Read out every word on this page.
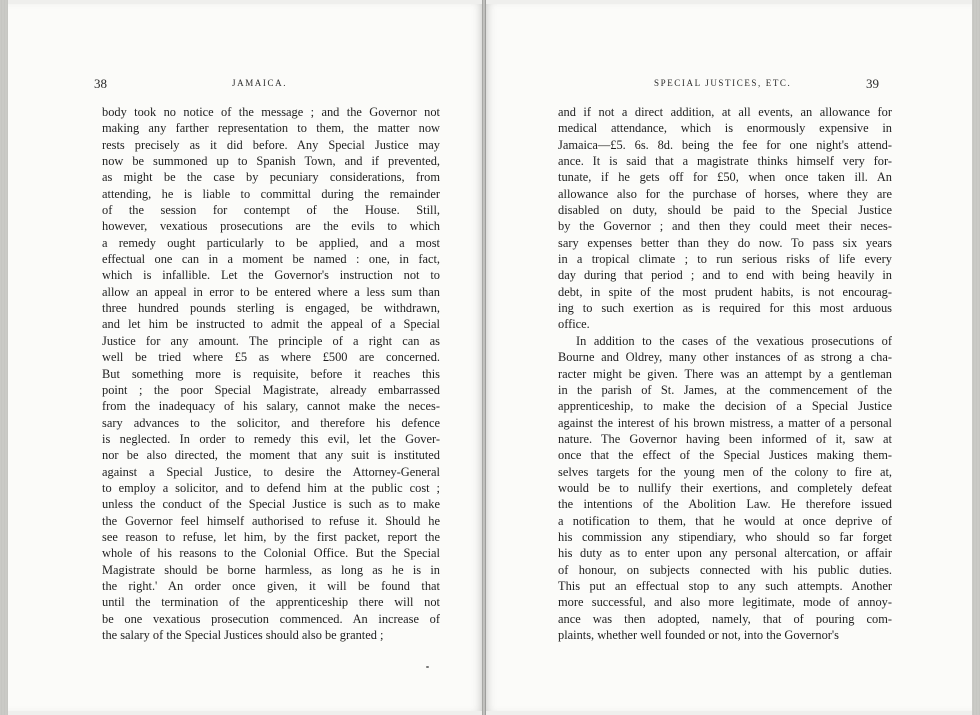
38	JAMAICA.
body took no notice of the message ; and the Governor not
making any farther representation to them, the matter now
rests precisely as it did before. Any Special Justice may
now be summoned up to Spanish Town, and if prevented,
as might be the case by pecuniary considerations, from
attending, he is liable to committal during the remainder
of the session for contempt of the House. Still,
however, vexatious prosecutions are the evils to which
a remedy ought particularly to be applied, and a most
effectual one can in a moment be named : one, in fact,
which is infallible. Let the Governor's instruction not to
allow an appeal in error to be entered where a less sum than
three hundred pounds sterling is engaged, be withdrawn,
and let him be instructed to admit the appeal of a Special
Justice for any amount. The principle of a right can as
well be tried where £5 as where £500 are concerned.
But something more is requisite, before it reaches this
point ; the poor Special Magistrate, already embarrassed
from the inadequacy of his salary, cannot make the neces-
sary advances to the solicitor, and therefore his defence
is neglected. In order to remedy this evil, let the Gover-
nor be also directed, the moment that any suit is instituted
against a Special Justice, to desire the Attorney-General
to employ a solicitor, and to defend him at the public cost ;
unless the conduct of the Special Justice is such as to make
the Governor feel himself authorised to refuse it. Should he
see reason to refuse, let him, by the first packet, report the
whole of his reasons to the Colonial Office. But the Special
Magistrate should be borne harmless, as long as he is in
the right.' An order once given, it will be found that
until the termination of the apprenticeship there will not
be one vexatious prosecution commenced. An increase of
the salary of the Special Justices should also be granted ;
SPECIAL JUSTICES, ETC.	39
and if not a direct addition, at all events, an allowance for
medical attendance, which is enormously expensive in
Jamaica—£5. 6s. 8d. being the fee for one night's attend-
ance. It is said that a magistrate thinks himself very for-
tunate, if he gets off for £50, when once taken ill. An
allowance also for the purchase of horses, where they are
disabled on duty, should be paid to the Special Justice
by the Governor ; and then they could meet their neces-
sary expenses better than they do now. To pass six years
in a tropical climate ; to run serious risks of life every
day during that period ; and to end with being heavily in
debt, in spite of the most prudent habits, is not encourag-
ing to such exertion as is required for this most arduous
office.
In addition to the cases of the vexatious prosecutions of
Bourne and Oldrey, many other instances of as strong a cha-
racter might be given. There was an attempt by a gentleman
in the parish of St. James, at the commencement of the
apprenticeship, to make the decision of a Special Justice
against the interest of his brown mistress, a matter of a personal
nature. The Governor having been informed of it, saw at
once that the effect of the Special Justices making them-
selves targets for the young men of the colony to fire at,
would be to nullify their exertions, and completely defeat
the intentions of the Abolition Law. He therefore issued
a notification to them, that he would at once deprive of
his commission any stipendiary, who should so far forget
his duty as to enter upon any personal altercation, or affair
of honour, on subjects connected with his public duties.
This put an effectual stop to any such attempts. Another
more successful, and also more legitimate, mode of annoy-
ance was then adopted, namely, that of pouring com-
plaints, whether well founded or not, into the Governor's
